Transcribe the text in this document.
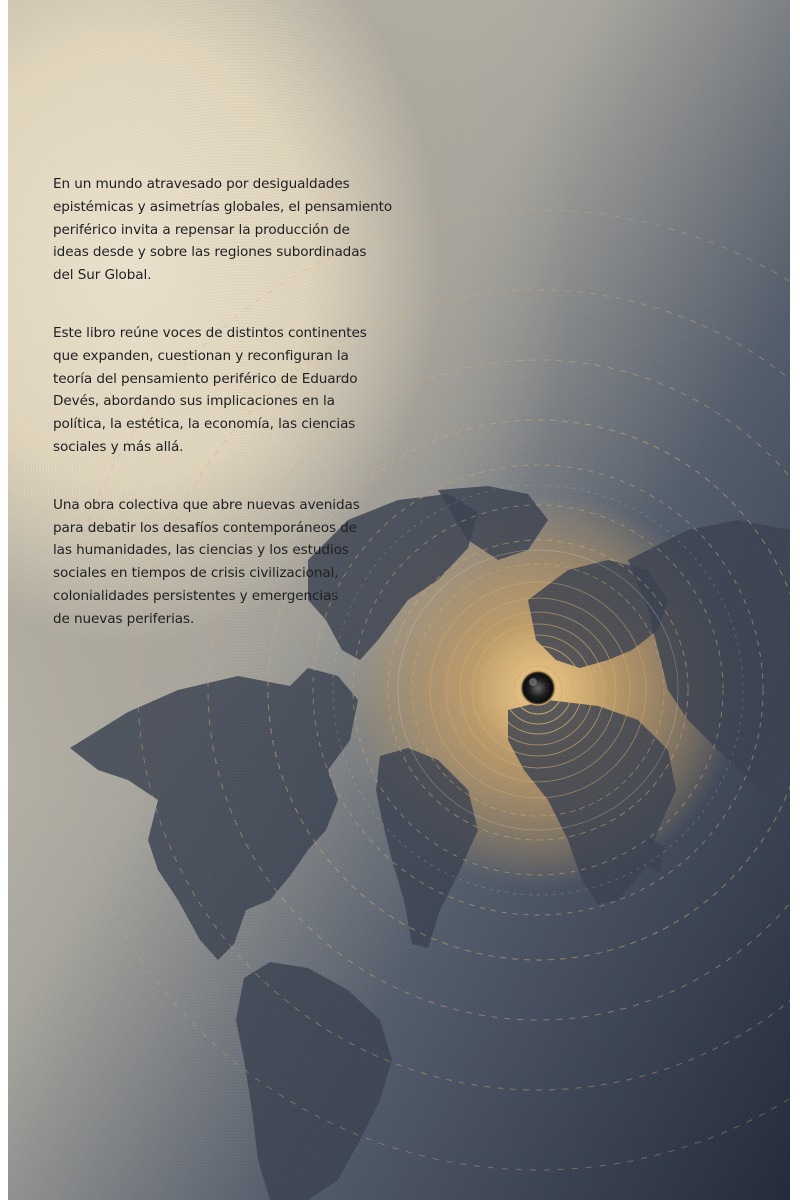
En un mundo atravesado por desigualdades
epistémicas y asimetrías globales, el pensamiento
periférico invita a repensar la producción de
ideas desde y sobre las regiones subordinadas
del Sur Global.

Este libro reúne voces de distintos continentes
que expanden, cuestionan y reconfiguran la
teoría del pensamiento periférico de Eduardo
Devés, abordando sus implicaciones en la
política, la estética, la economía, las ciencias
sociales y más allá.

Una obra colectiva que abre nuevas avenidas
para debatir los desafíos contemporáneos de
las humanidades, las ciencias y los estudios
sociales en tiempos de crisis civilizacional,
colonialidades persistentes y emergencias
de nuevas periferias.
